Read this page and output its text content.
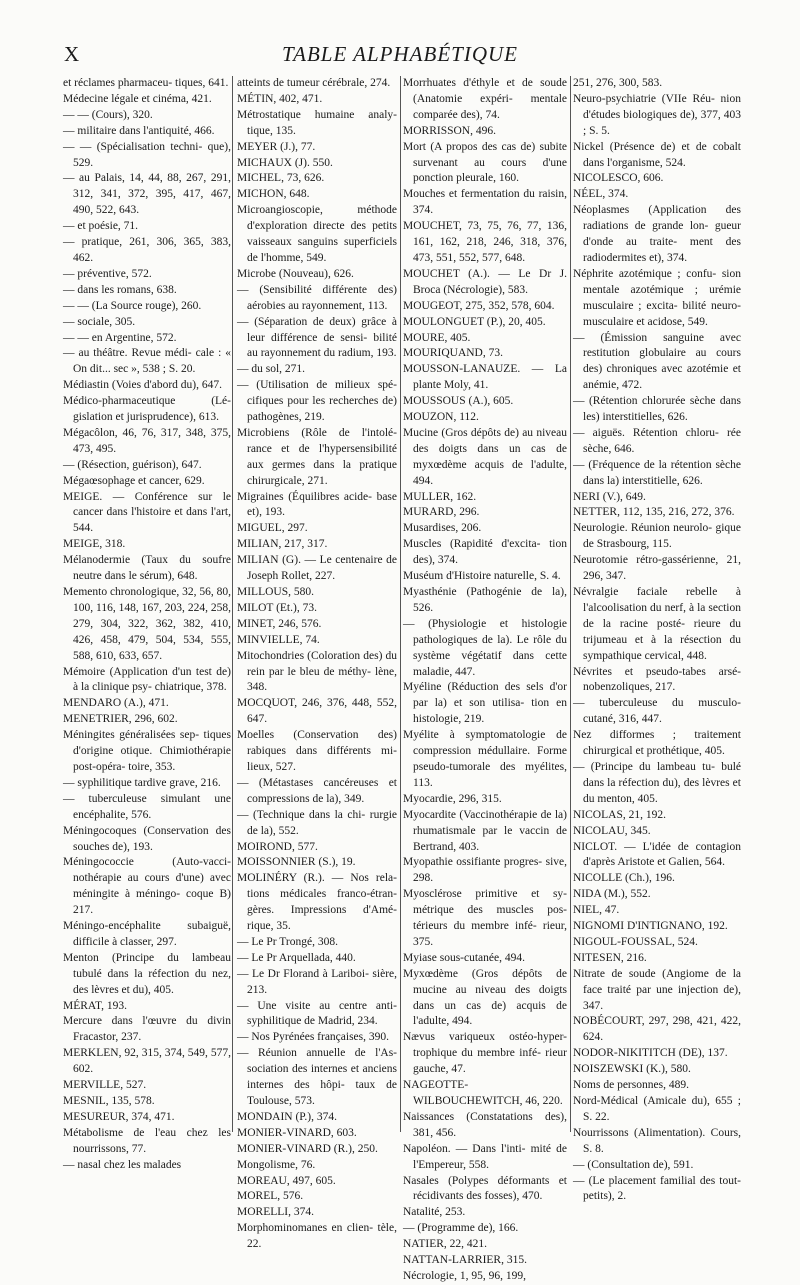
X	TABLE ALPHABÉTIQUE

et réclames pharmaceu- tiques, 641.

Médecine légale et cinéma, 421.

— — (Cours), 320.

— militaire dans l'antiquité, 466.

— — (Spécialisation techni- que), 529.

— au Palais, 14, 44, 88, 267, 291, 312, 341, 372, 395, 417, 467, 490, 522, 643.

— et poésie, 71.

— pratique, 261, 306, 365, 383, 462.

— préventive, 572.

— dans les romans, 638.

— — (La Source rouge), 260.

— sociale, 305.

— — en Argentine, 572.

— au théâtre. Revue médi- cale : « On dit... sec », 538 ; S. 20.

Médiastin (Voies d'abord du), 647.

Médico-pharmaceutique (Lé- gislation et jurisprudence), 613.

Mégacôlon, 46, 76, 317, 348, 375, 473, 495.

— (Résection, guérison), 647.

Mégaœsophage et cancer, 629.

MEIGE. — Conférence sur le cancer dans l'histoire et dans l'art, 544.

MEIGE, 318.

Mélanodermie (Taux du soufre neutre dans le sérum), 648.

Memento chronologique, 32, 56, 80, 100, 116, 148, 167, 203, 224, 258, 279, 304, 322, 362, 382, 410, 426, 458, 479, 504, 534, 555, 588, 610, 633, 657.

Mémoire (Application d'un test de) à la clinique psy- chiatrique, 378.

MENDARO (A.), 471.

MENETRIER, 296, 602.

Méningites généralisées sep- tiques d'origine otique. Chimiothérapie post-opéra- toire, 353.

— syphilitique tardive grave, 216.

— tuberculeuse simulant une encéphalite, 576.

Méningocoques (Conservation des souches de), 193.

Méningococcie (Auto-vacci- nothérapie au cours d'une) avec méningite à méningo- coque B) 217.

Méningo-encéphalite subaiguë, difficile à classer, 297.

Menton (Principe du lambeau tubulé dans la réfection du nez, des lèvres et du), 405.

MÉRAT, 193.

Mercure dans l'œuvre du divin Fracastor, 237.

MERKLEN, 92, 315, 374, 549, 577, 602.

MERVILLE, 527.

MESNIL, 135, 578.

MESUREUR, 374, 471.

Métabolisme de l'eau chez les nourrissons, 77.

— nasal chez les malades

atteints de tumeur cérébrale, 274.

MÉTIN, 402, 471.

Métrostatique humaine analy- tique, 135.

MEYER (J.), 77.

MICHAUX (J). 550.

MICHEL, 73, 626.

MICHON, 648.

Microangioscopie, méthode d'exploration directe des petits vaisseaux sanguins superficiels de l'homme, 549.

Microbe (Nouveau), 626.

— (Sensibilité différente des) aérobies au rayonnement, 113.

— (Séparation de deux) grâce à leur différence de sensi- bilité au rayonnement du radium, 193.

— du sol, 271.

— (Utilisation de milieux spé- cifiques pour les recherches de) pathogènes, 219.

Microbiens (Rôle de l'intolé- rance et de l'hypersensibilité aux germes dans la pratique chirurgicale, 271.

Migraines (Équilibres acide- base et), 193.

MIGUEL, 297.

MILIAN, 217, 317.

MILIAN (G). — Le centenaire de Joseph Rollet, 227.

MILLOUS, 580.

MILOT (Et.), 73.

MINET, 246, 576.

MINVIELLE, 74.

Mitochondries (Coloration des) du rein par le bleu de méthy- lène, 348.

MOCQUOT, 246, 376, 448, 552, 647.

Moelles (Conservation des) rabiques dans différents mi- lieux, 527.

— (Métastases cancéreuses et compressions de la), 349.

— (Technique dans la chi- rurgie de la), 552.

MOIROND, 577.

MOISSONNIER (S.), 19.

MOLINÉRY (R.). — Nos rela- tions médicales franco-étran- gères. Impressions d'Amé- rique, 35.

— Le Pr Trongé, 308.

— Le Pr Arquellada, 440.

— Le Dr Florand à Lariboi- sière, 213.

— Une visite au centre anti- syphilitique de Madrid, 234.

— Nos Pyrénées françaises, 390.

— Réunion annuelle de l'As- sociation des internes et anciens internes des hôpi- taux de Toulouse, 573.

MONDAIN (P.), 374.

MONIER-VINARD, 603.

MONIER-VINARD (R.), 250.

Mongolisme, 76.

MOREAU, 497, 605.

MOREL, 576.

MORELLI, 374.

Morphominomanes en clien- tèle, 22.

Morrhuates d'éthyle et de soude (Anatomie expéri- mentale comparée des), 74.

MORRISSON, 496.

Mort (A propos des cas de) subite survenant au cours d'une ponction pleurale, 160.

Mouches et fermentation du raisin, 374.

MOUCHET, 73, 75, 76, 77, 136, 161, 162, 218, 246, 318, 376, 473, 551, 552, 577, 648.

MOUCHET (A.). — Le Dr J. Broca (Nécrologie), 583.

MOUGEOT, 275, 352, 578, 604.

MOULONGUET (P.), 20, 405.

MOURE, 405.

MOURIQUAND, 73.

MOUSSON-LANAUZE. — La plante Moly, 41.

MOUSSOUS (A.), 605.

MOUZON, 112.

Mucine (Gros dépôts de) au niveau des doigts dans un cas de myxœdème acquis de l'adulte, 494.

MULLER, 162.

MURARD, 296.

Musardises, 206.

Muscles (Rapidité d'excita- tion des), 374.

Muséum d'Histoire naturelle, S. 4.

Myasthénie (Pathogénie de la), 526.

— (Physiologie et histologie pathologiques de la). Le rôle du système végétatif dans cette maladie, 447.

Myéline (Réduction des sels d'or par la) et son utilisa- tion en histologie, 219.

Myélite à symptomatologie de compression médullaire. Forme pseudo-tumorale des myélites, 113.

Myocardie, 296, 315.

Myocardite (Vaccinothérapie de la) rhumatismale par le vaccin de Bertrand, 403.

Myopathie ossifiante progres- sive, 298.

Myosclérose primitive et sy- métrique des muscles pos- térieurs du membre infé- rieur, 375.

Myiase sous-cutanée, 494.

Myxœdème (Gros dépôts de mucine au niveau des doigts dans un cas de) acquis de l'adulte, 494.

Nævus variqueux ostéo-hyper- trophique du membre infé- rieur gauche, 47.

NAGEOTTE-WILBOUCHEWITCH, 46, 220.

Naissances (Constatations des), 381, 456.

Napoléon. — Dans l'inti- mité de l'Empereur, 558.

Nasales (Polypes déformants et récidivants des fosses), 470.

Natalité, 253.

— (Programme de), 166.

NATIER, 22, 421.

NATTAN-LARRIER, 315.

Nécrologie, 1, 95, 96, 199,

251, 276, 300, 583.

Neuro-psychiatrie (VIIe Réu- nion d'études biologiques de), 377, 403 ; S. 5.

Nickel (Présence de) et de cobalt dans l'organisme, 524.

NICOLESCO, 606.

NÉEL, 374.

Néoplasmes (Application des radiations de grande lon- gueur d'onde au traite- ment des radiodermites et), 374.

Néphrite azotémique ; confu- sion mentale azotémique ; urémie musculaire ; excita- bilité neuro-musculaire et acidose, 549.

— (Émission sanguine avec restitution globulaire au cours des) chroniques avec azotémie et anémie, 472.

— (Rétention chlorurée sèche dans les) interstitielles, 626.

— aiguës. Rétention chloru- rée sèche, 646.

— (Fréquence de la rétention sèche dans la) interstitielle, 626.

NERI (V.), 649.

NETTER, 112, 135, 216, 272, 376.

Neurologie. Réunion neurolo- gique de Strasbourg, 115.

Neurotomie rétro-gassérienne, 21, 296, 347.

Névralgie faciale rebelle à l'alcoolisation du nerf, à la section de la racine posté- rieure du trijumeau et à la résection du sympathique cervical, 448.

Névrites et pseudo-tabes arsé- nobenzoliques, 217.

— tuberculeuse du musculo- cutané, 316, 447.

Nez difformes ; traitement chirurgical et prothétique, 405.

— (Principe du lambeau tu- bulé dans la réfection du), des lèvres et du menton, 405.

NICOLAS, 21, 192.

NICOLAU, 345.

NICLOT. — L'idée de contagion d'après Aristote et Galien, 564.

NICOLLE (Ch.), 196.

NIDA (M.), 552.

NIEL, 47.

NIGNOMI D'INTIGNANO, 192.

NIGOUL-FOUSSAL, 524.

NITESEN, 216.

Nitrate de soude (Angiome de la face traité par une injection de), 347.

NOBÉCOURT, 297, 298, 421, 422, 624.

NODOR-NIKITITCH (DE), 137.

NOISZEWSKI (K.), 580.

Noms de personnes, 489.

Nord-Médical (Amicale du), 655 ; S. 22.

Nourrissons (Alimentation). Cours, S. 8.

— (Consultation de), 591.

— (Le placement familial des tout-petits), 2.
